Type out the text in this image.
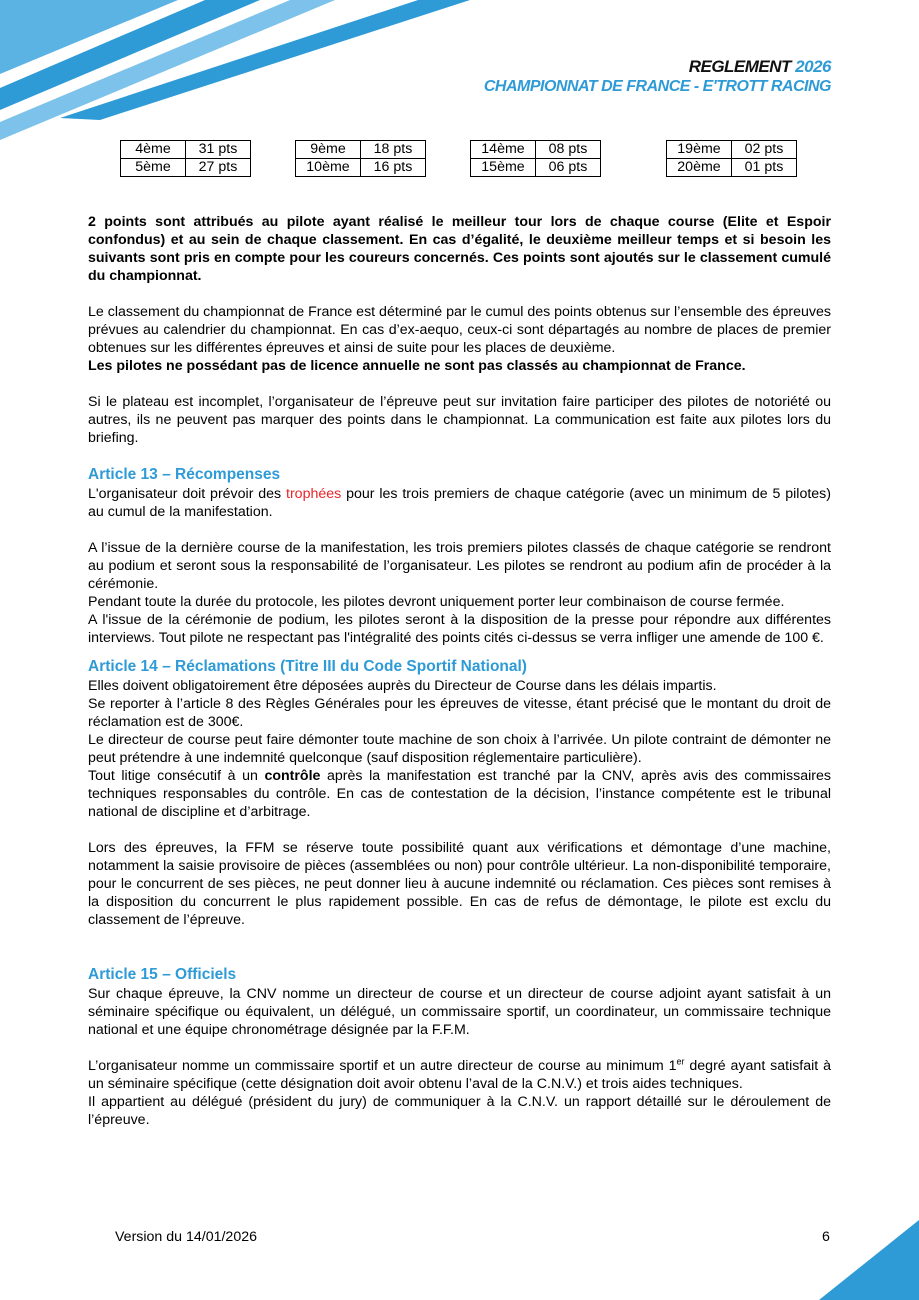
REGLEMENT 2026
CHAMPIONNAT DE FRANCE - E'TROTT RACING
4ème	31 pts
5ème	27 pts
9ème	18 pts
10ème	16 pts
14ème	08 pts
15ème	06 pts
19ème	02 pts
20ème	01 pts

2 points sont attribués au pilote ayant réalisé le meilleur tour lors de chaque course (Elite et Espoir confondus) et au sein de chaque classement. En cas d’égalité, le deuxième meilleur temps et si besoin les suivants sont pris en compte pour les coureurs concernés. Ces points sont ajoutés sur le classement cumulé du championnat.

Le classement du championnat de France est déterminé par le cumul des points obtenus sur l’ensemble des épreuves prévues au calendrier du championnat. En cas d’ex-aequo, ceux-ci sont départagés au nombre de places de premier obtenues sur les différentes épreuves et ainsi de suite pour les places de deuxième.

Les pilotes ne possédant pas de licence annuelle ne sont pas classés au championnat de France.

Si le plateau est incomplet, l’organisateur de l’épreuve peut sur invitation faire participer des pilotes de notoriété ou autres, ils ne peuvent pas marquer des points dans le championnat. La communication est faite aux pilotes lors du briefing.

Article 13 – Récompenses

L'organisateur doit prévoir des trophées pour les trois premiers de chaque catégorie (avec un minimum de 5 pilotes) au cumul de la manifestation.

A l’issue de la dernière course de la manifestation, les trois premiers pilotes classés de chaque catégorie se rendront au podium et seront sous la responsabilité de l’organisateur. Les pilotes se rendront au podium afin de procéder à la cérémonie.

Pendant toute la durée du protocole, les pilotes devront uniquement porter leur combinaison de course fermée.

A l'issue de la cérémonie de podium, les pilotes seront à la disposition de la presse pour répondre aux différentes interviews. Tout pilote ne respectant pas l'intégralité des points cités ci-dessus se verra infliger une amende de 100 €.

Article 14 – Réclamations (Titre III du Code Sportif National)

Elles doivent obligatoirement être déposées auprès du Directeur de Course dans les délais impartis.

Se reporter à l’article 8 des Règles Générales pour les épreuves de vitesse, étant précisé que le montant du droit de réclamation est de 300€.

Le directeur de course peut faire démonter toute machine de son choix à l’arrivée. Un pilote contraint de démonter ne peut prétendre à une indemnité quelconque (sauf disposition réglementaire particulière).

Tout litige consécutif à un contrôle après la manifestation est tranché par la CNV, après avis des commissaires techniques responsables du contrôle. En cas de contestation de la décision, l’instance compétente est le tribunal national de discipline et d’arbitrage.

Lors des épreuves, la FFM se réserve toute possibilité quant aux vérifications et démontage d’une machine, notamment la saisie provisoire de pièces (assemblées ou non) pour contrôle ultérieur. La non-disponibilité temporaire, pour le concurrent de ses pièces, ne peut donner lieu à aucune indemnité ou réclamation. Ces pièces sont remises à la disposition du concurrent le plus rapidement possible. En cas de refus de démontage, le pilote est exclu du classement de l’épreuve.

Article 15 – Officiels

Sur chaque épreuve, la CNV nomme un directeur de course et un directeur de course adjoint ayant satisfait à un séminaire spécifique ou équivalent, un délégué, un commissaire sportif, un coordinateur, un commissaire technique national et une équipe chronométrage désignée par la F.F.M.

L’organisateur nomme un commissaire sportif et un autre directeur de course au minimum 1er degré ayant satisfait à un séminaire spécifique (cette désignation doit avoir obtenu l’aval de la C.N.V.) et trois aides techniques.

Il appartient au délégué (président du jury) de communiquer à la C.N.V. un rapport détaillé sur le déroulement de l’épreuve.

Version du 14/01/2026	6
